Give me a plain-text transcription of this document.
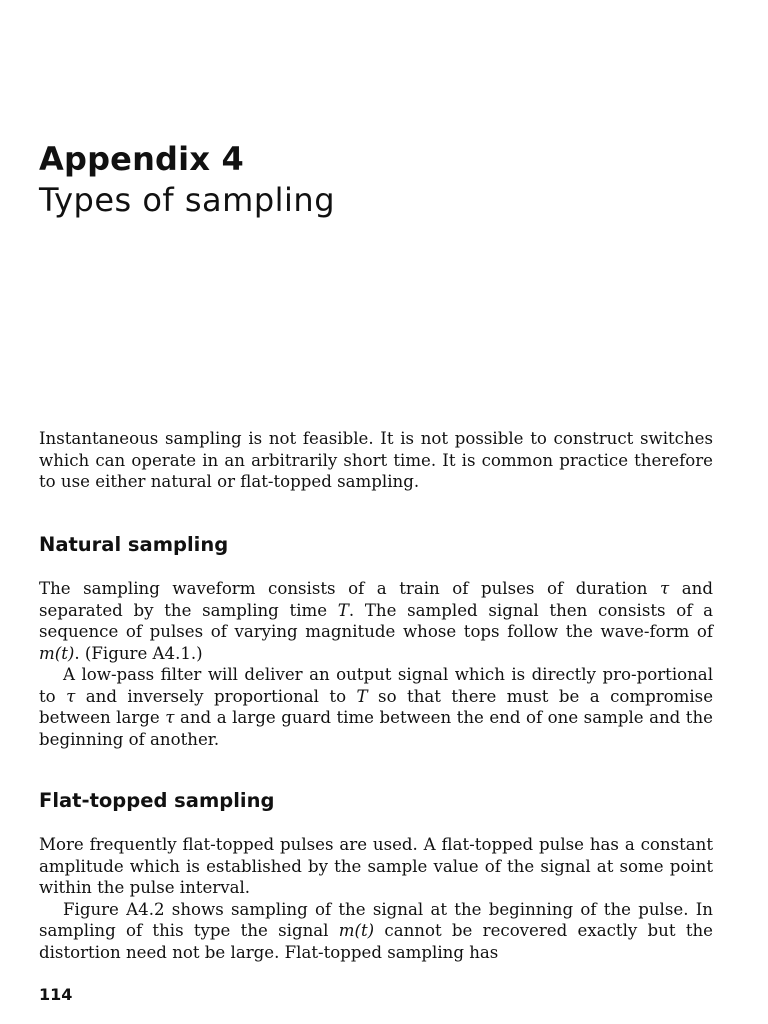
Appendix 4
Types of sampling

Instantaneous sampling is not feasible. It is not possible to construct switches which can operate in an arbitrarily short time. It is common practice therefore to use either natural or flat-topped sampling.

Natural sampling

The sampling waveform consists of a train of pulses of duration τ and separated by the sampling time T. The sampled signal then consists of a sequence of pulses of varying magnitude whose tops follow the wave-form of m(t). (Figure A4.1.)

A low-pass filter will deliver an output signal which is directly pro-portional to τ and inversely proportional to T so that there must be a compromise between large τ and a large guard time between the end of one sample and the beginning of another.

Flat-topped sampling

More frequently flat-topped pulses are used. A flat-topped pulse has a constant amplitude which is established by the sample value of the signal at some point within the pulse interval.

Figure A4.2 shows sampling of the signal at the beginning of the pulse. In sampling of this type the signal m(t) cannot be recovered exactly but the distortion need not be large. Flat-topped sampling has

114
